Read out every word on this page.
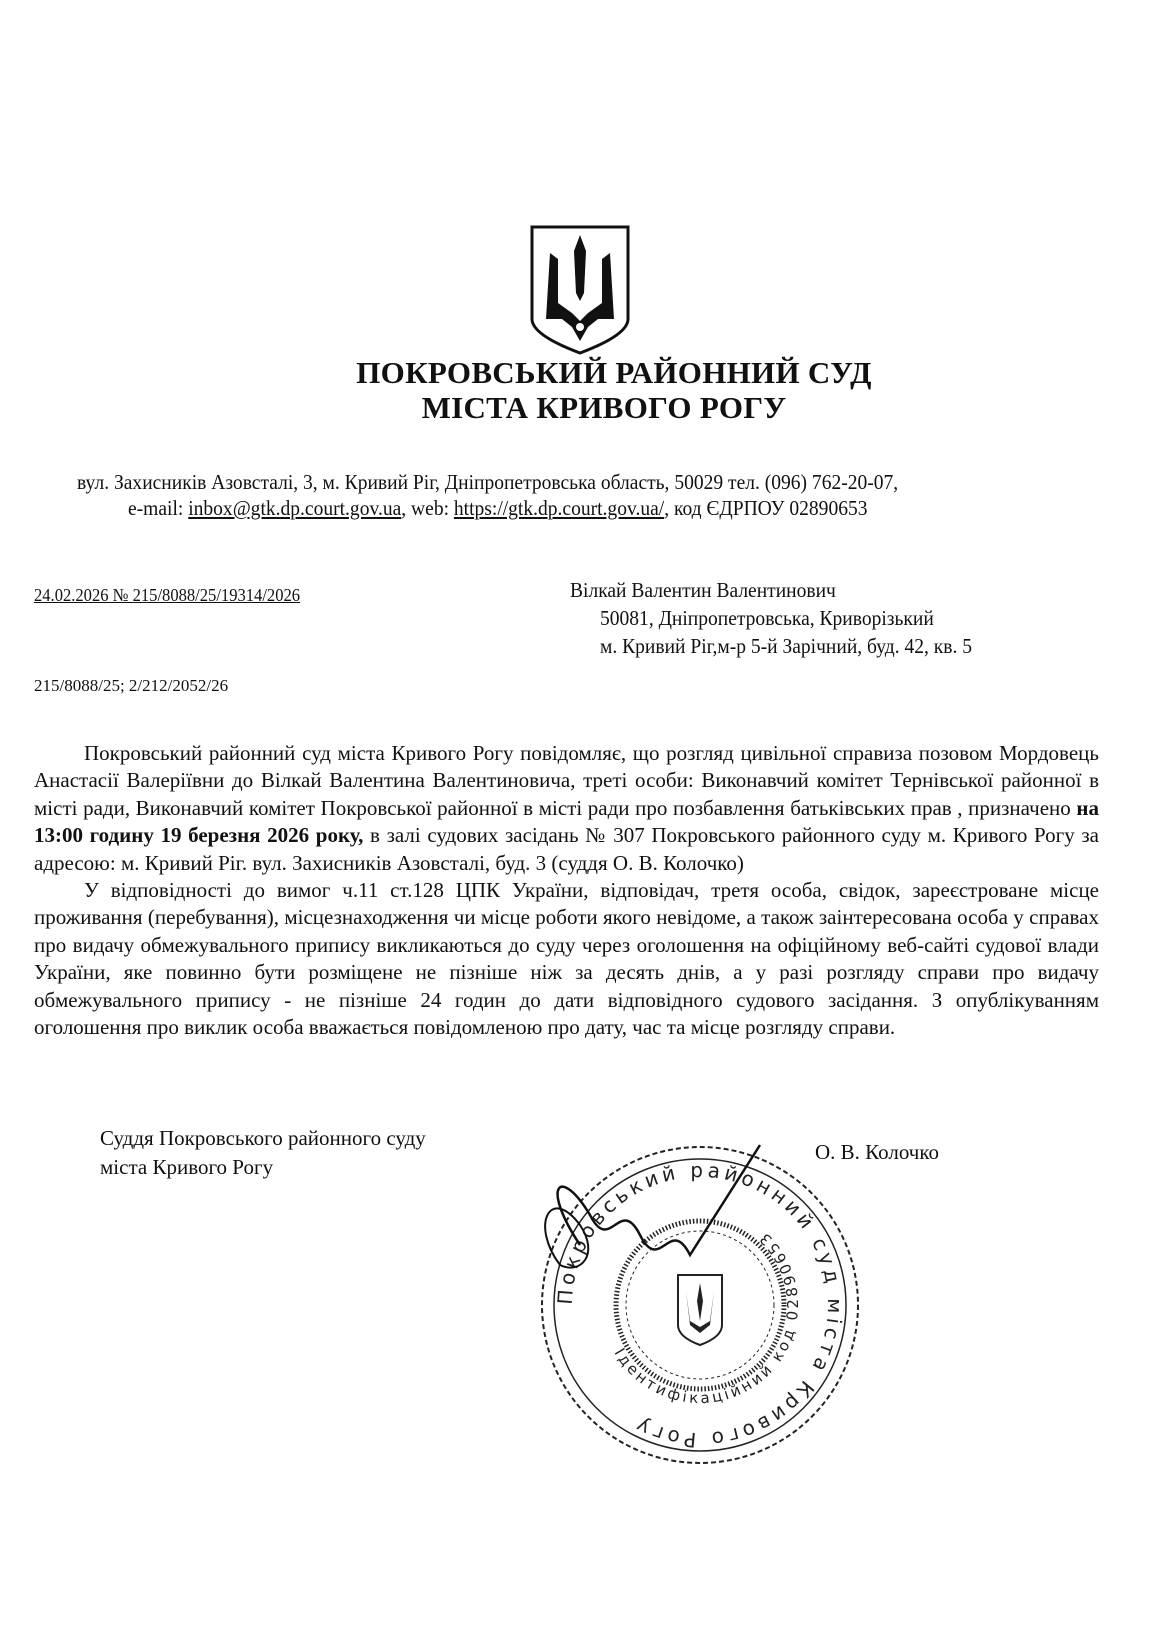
ПОКРОВСЬКИЙ РАЙОННИЙ СУД
МІСТА КРИВОГО РОГУ
вул. Захисників Азовсталі, 3, м. Кривий Ріг, Дніпропетровська область, 50029 тел. (096) 762-20-07,
e-mail: inbox@gtk.dp.court.gov.ua, web: https://gtk.dp.court.gov.ua/, код ЄДРПОУ 02890653
24.02.2026 № 215/8088/25/19314/2026	Вілкай Валентин Валентинович
50081, Дніпропетровська, Криворізький
м. Кривий Ріг,м-р 5-й Зарічний, буд. 42, кв. 5
215/8088/25; 2/212/2052/26

Покровський районний суд міста Кривого Рогу повідомляє, що розгляд цивільної справиза позовом Мордовець Анастасії Валеріївни до Вілкай Валентина Валентиновича, треті особи: Виконавчий комітет Тернівської районної в місті ради, Виконавчий комітет Покровської районної в місті ради про позбавлення батьківських прав , призначено на 13:00 годину 19 березня 2026 року, в залі судових засідань № 307 Покровського районного суду м. Кривого Рогу за адресою: м. Кривий Ріг. вул. Захисників Азовсталі, буд. 3 (суддя О. В. Колочко)

У відповідності до вимог ч.11 ст.128 ЦПК України, відповідач, третя особа, свідок, зареєстроване місце проживання (перебування), місцезнаходження чи місце роботи якого невідоме, а також заінтересована особа у справах про видачу обмежувального припису викликаються до суду через оголошення на офіційному веб-сайті судової влади України, яке повинно бути розміщене не пізніше ніж за десять днів, а у разі розгляду справи про видачу обмежувального припису - не пізніше 24 годин до дати відповідного судового засідання. З опублікуванням оголошення про виклик особа вважається повідомленою про дату, час та місце розгляду справи.

Суддя Покровського районного суду
міста Кривого Рогу
О. В. Колочко
Покровський районний суд міста Кривого Рогу
Ідентифікаційний код 02890653
